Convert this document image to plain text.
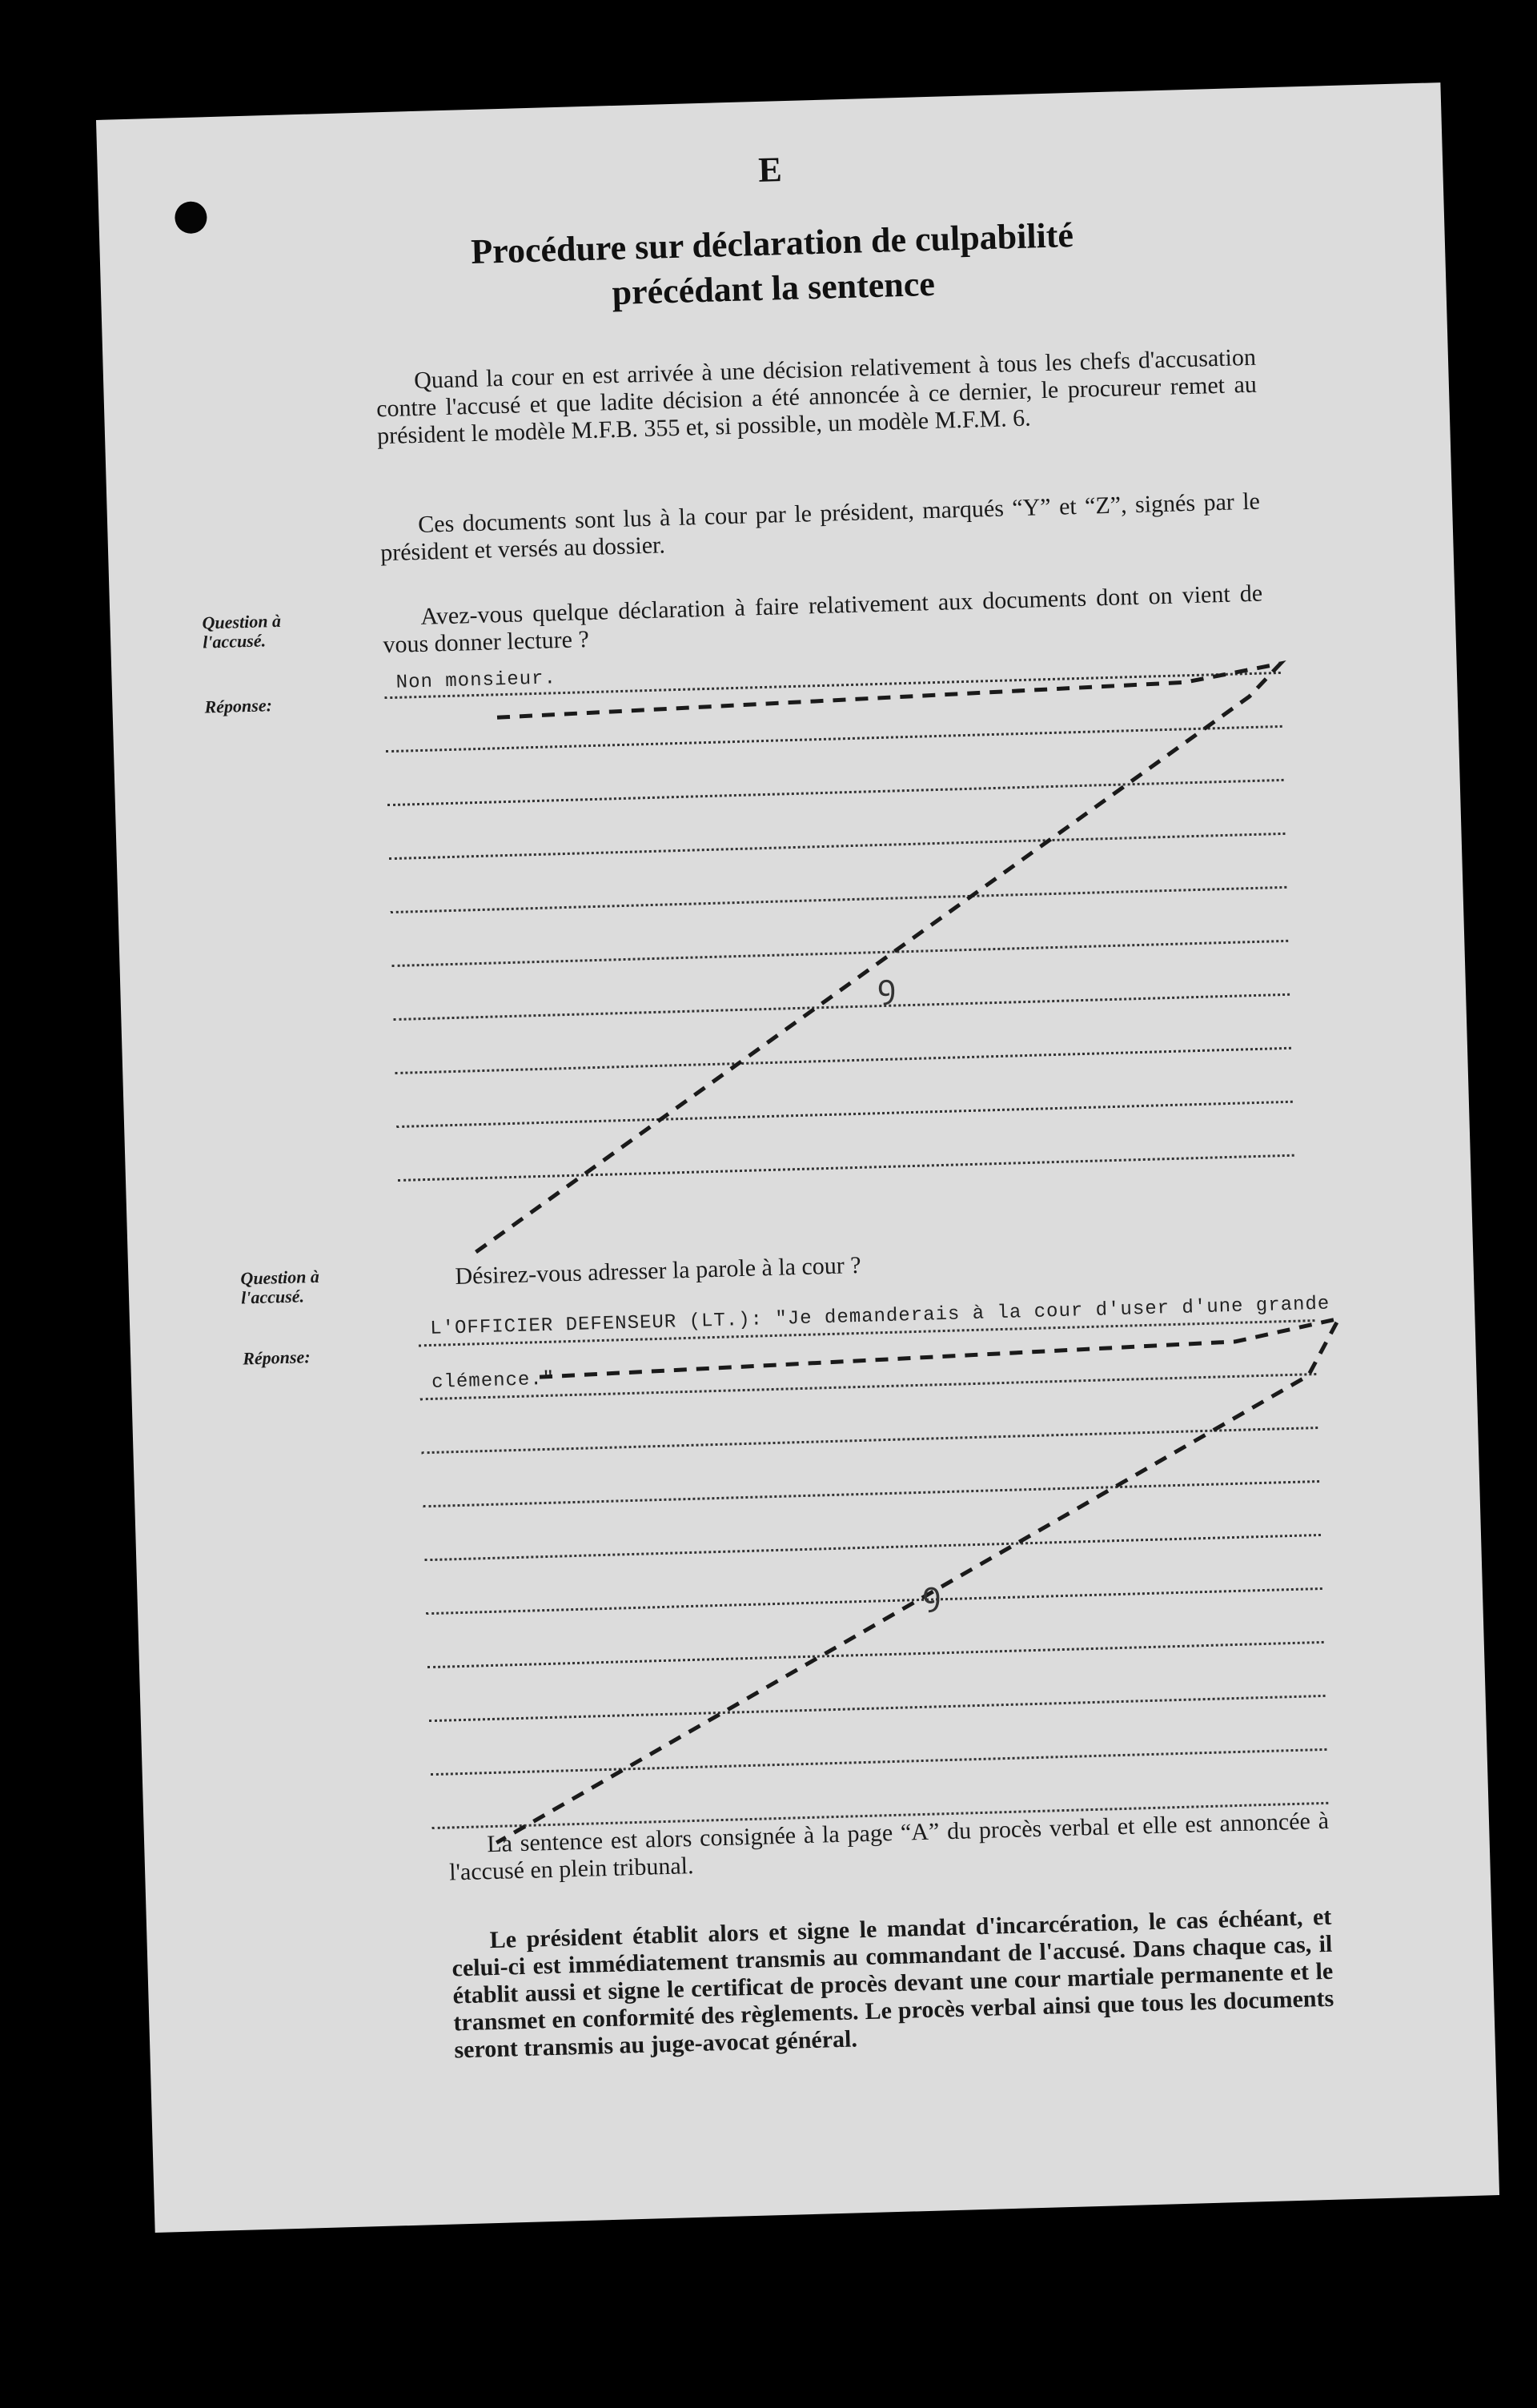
E
Procédure sur déclaration de culpabilité
précédant la sentence
Quand la cour en est arrivée à une décision relativement à tous les chefs d'accusation contre l'accusé et que ladite décision a été annoncée à ce dernier, le procureur remet au président le modèle M.F.B. 355 et, si possible, un modèle M.F.M. 6.
Ces documents sont lus à la cour par le président, marqués “Y” et “Z”, signés par le président et versés au dossier.
Question à l'accusé.
Avez-vous quelque déclaration à faire relativement aux documents dont on vient de vous donner lecture ?
Réponse:
Non monsieur.
Question à l'accusé.
Désirez-vous adresser la parole à la cour ?
Réponse:
L'OFFICIER DEFENSEUR (LT.): "Je demanderais à la cour d'user d'une grande
clémence."
La sentence est alors consignée à la page “A” du procès verbal et elle est annoncée à l'accusé en plein tribunal.
Le président établit alors et signe le mandat d'incarcération, le cas échéant, et celui-ci est immédiatement transmis au commandant de l'accusé. Dans chaque cas, il établit aussi et signe le certificat de procès devant une cour martiale permanente et le transmet en conformité des règlements. Le procès verbal ainsi que tous les documents seront transmis au juge-avocat général.
ꝯ
ꝯ
